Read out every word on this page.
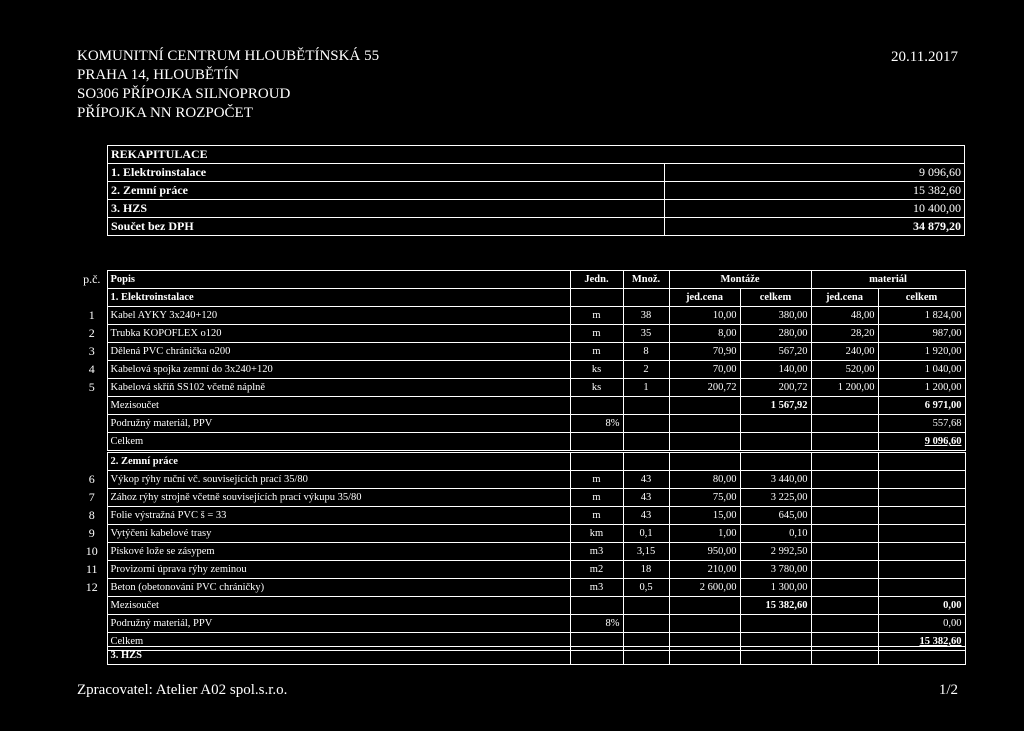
KOMUNITNÍ CENTRUM HLOUBĚTÍNSKÁ 55
PRAHA 14, HLOUBĚTÍN
SO306 PŘÍPOJKA SILNOPROUD
PŘÍPOJKA NN ROZPOČET
20.11.2017
REKAPITULACE	
1. Elektroinstalace	9 096,60
2. Zemní práce	15 382,60
3. HZS	10 400,00
Součet bez DPH	34 879,20
p.č.	Popis	Jedn.	Množ.	Montáže		materiál	
	1. Elektroinstalace			jed.cena	celkem	jed.cena	celkem
1	Kabel AYKY 3x240+120	m	38	10,00	380,00	48,00	1 824,00
2	Trubka KOPOFLEX o120	m	35	8,00	280,00	28,20	987,00
3	Dělená PVC chránička o200	m	8	70,90	567,20	240,00	1 920,00
4	Kabelová spojka zemní do 3x240+120	ks	2	70,00	140,00	520,00	1 040,00
5	Kabelová skříň SS102 včetně náplně	ks	1	200,72	200,72	1 200,00	1 200,00
	Mezisoučet				1 567,92		6 971,00
	Podružný materiál, PPV	8%					557,68
	Celkem						9 096,60
	2. Zemní práce						
6	Výkop rýhy ruční vč. souvisejících prací 35/80	m	43	80,00	3 440,00		
7	Zához rýhy strojně včetně souvisejících prací výkupu 35/80	m	43	75,00	3 225,00		
8	Folie výstražná PVC š = 33	m	43	15,00	645,00		
9	Vytýčení kabelové trasy	km	0,1	1,00	0,10		
10	Pískové lože se zásypem	m3	3,15	950,00	2 992,50		
11	Provizorní úprava rýhy zeminou	m2	18	210,00	3 780,00		
12	Beton (obetonování PVC chráničky)	m3	0,5	2 600,00	1 300,00		
	Mezisoučet				15 382,60		0,00
	Podružný materiál, PPV	8%					0,00
	Celkem						15 382,60
	3. HZS						
Zpracovatel: Atelier A02 spol.s.r.o.	1/2
